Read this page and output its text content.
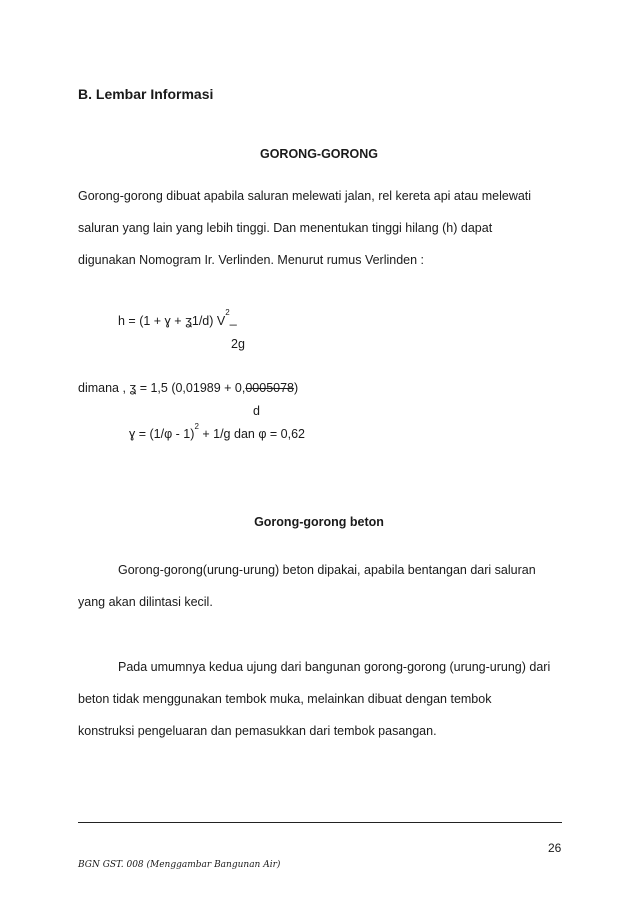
B. Lembar Informasi
GORONG-GORONG

Gorong-gorong dibuat apabila saluran melewati jalan, rel kereta api atau melewati

saluran yang lain yang lebih tinggi. Dan menentukan tinggi hilang (h) dapat

digunakan Nomogram Ir. Verlinden. Menurut rumus Verlinden :

h = (1 + ɣ + ʓ1/d) $V^2\_$
2g
dimana , ʓ = 1,5 (0,01989 + 0,0005078)
d
ɣ = (1/φ - 1)$^2$ + 1/g dan φ = 0,62
Gorong-gorong beton

Gorong-gorong(urung-urung) beton dipakai, apabila bentangan dari saluran

yang akan dilintasi kecil.

Pada umumnya kedua ujung dari bangunan gorong-gorong (urung-urung) dari

beton tidak menggunakan tembok muka, melainkan dibuat dengan tembok

konstruksi pengeluaran dan pemasukkan dari tembok pasangan.

26
BGN GST. 008 (Menggambar Bangunan Air)
